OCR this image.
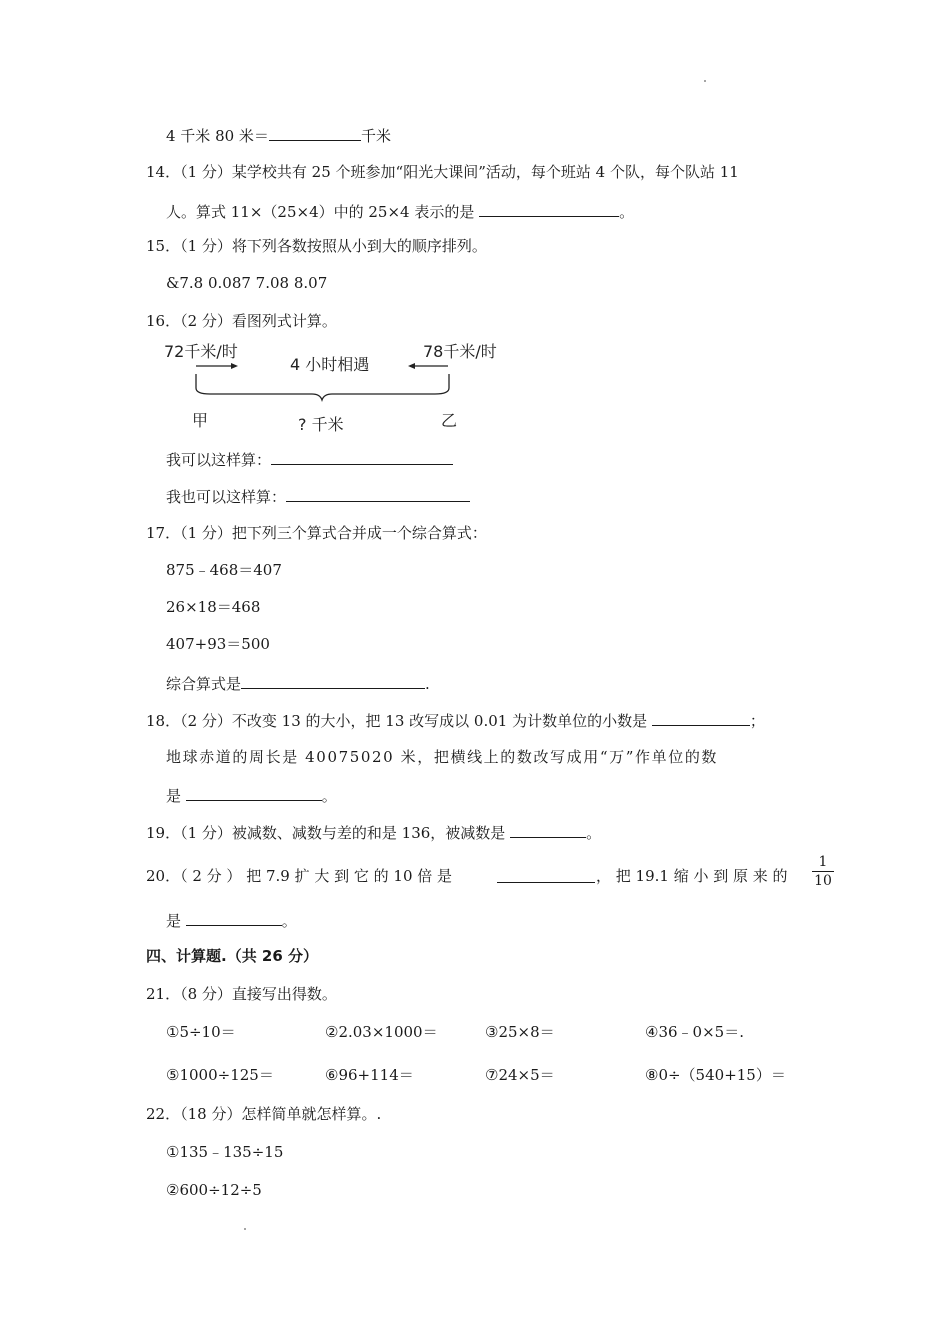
4 千米 80 米＝	千米
14．（1 分）某学校共有 25 个班参加“阳光大课间”活动，每个班站 4 个队，每个队站 11
人。算式 11×（25×4）中的 25×4 表示的是	。
15．（1 分）将下列各数按照从小到大的顺序排列。
&7.8 0.087 7.08 8.07
16．（2 分）看图列式计算。
72千米/时
4 小时相遇
78千米/时
甲	? 千米	乙
我可以这样算：
我也可以这样算：
17．（1 分）把下列三个算式合并成一个综合算式：
875﹣468＝407
26×18＝468
407+93＝500
综合算式是	.
18．（2 分）不改变 13 的大小，把 13 改写成以 0.01 为计数单位的小数是	；
地球赤道的周长是 40075020 米，把横线上的数改写成用“万”作单位的数
是	。
19．（1 分）被减数、减数与差的和是 136，被减数是	。
20．（ 2 分 ） 把 7.9 扩 大 到 它 的 10 倍 是	， 把 19.1 缩 小 到 原 来 的
1
10
是	。
四、计算题.（共 26 分）
21．（8 分）直接写出得数。
①5÷10＝	②2.03×1000＝	③25×8＝	④36﹣0×5＝.
⑤1000÷125＝	⑥96+114＝	⑦24×5＝	⑧0÷（540+15）＝
22．（18 分）怎样简单就怎样算。.
①135﹣135÷15
②600÷12÷5
